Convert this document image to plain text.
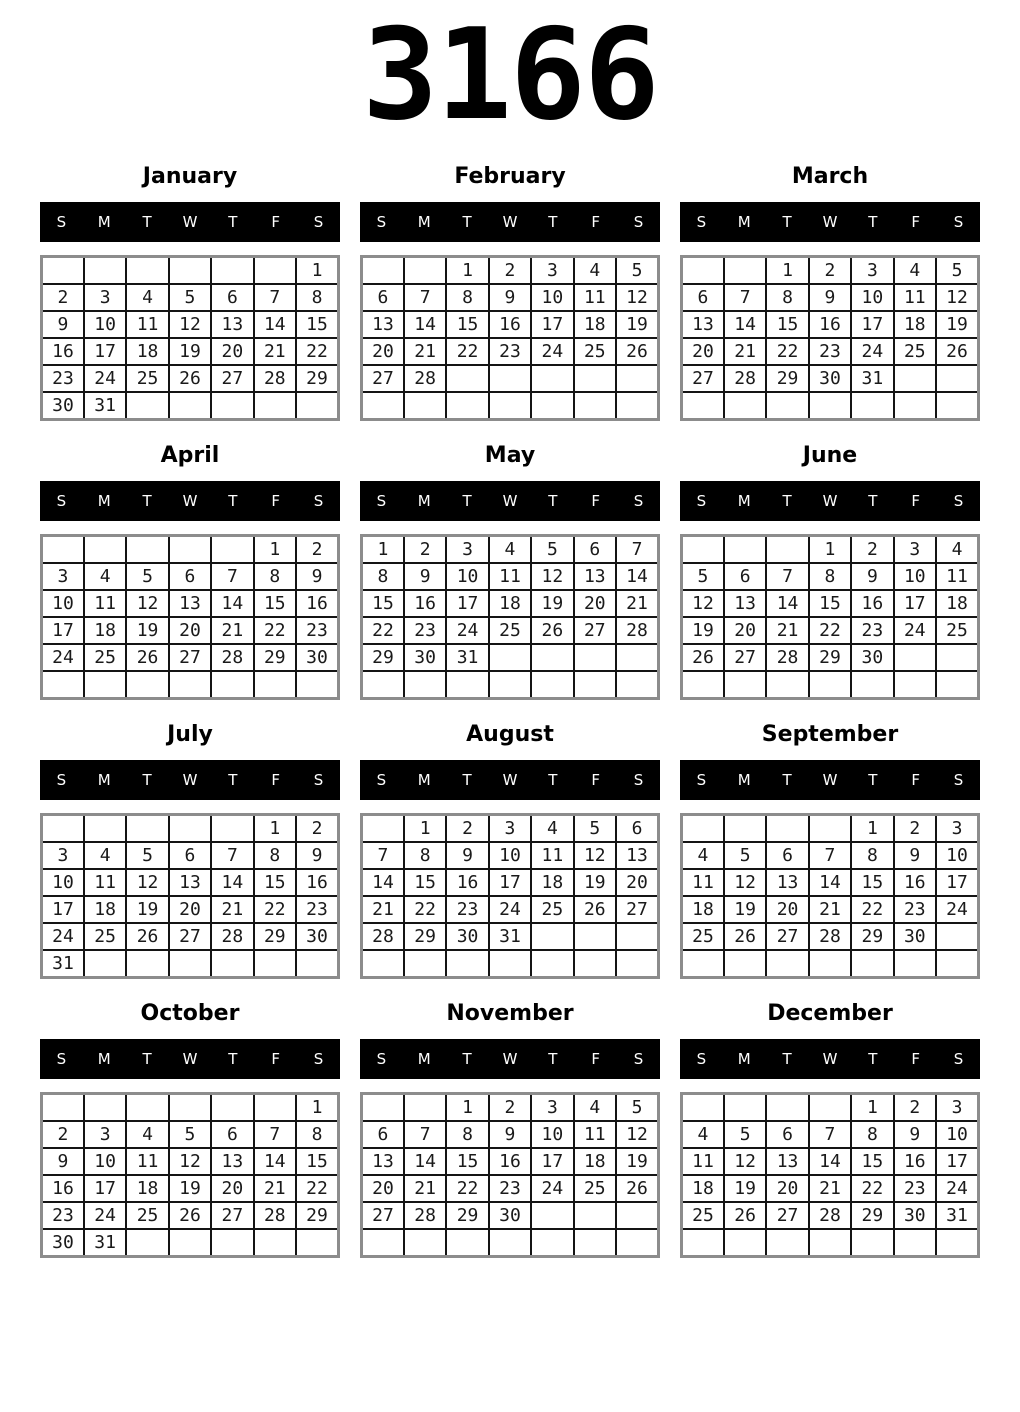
3166
January
S	M	T	W	T	F	S
						1
2	3	4	5	6	7	8
9	10	11	12	13	14	15
16	17	18	19	20	21	22
23	24	25	26	27	28	29
30	31					
February
S	M	T	W	T	F	S
		1	2	3	4	5
6	7	8	9	10	11	12
13	14	15	16	17	18	19
20	21	22	23	24	25	26
27	28					

March
S	M	T	W	T	F	S
		1	2	3	4	5
6	7	8	9	10	11	12
13	14	15	16	17	18	19
20	21	22	23	24	25	26
27	28	29	30	31		

April
S	M	T	W	T	F	S
					1	2
3	4	5	6	7	8	9
10	11	12	13	14	15	16
17	18	19	20	21	22	23
24	25	26	27	28	29	30

May
S	M	T	W	T	F	S
1	2	3	4	5	6	7
8	9	10	11	12	13	14
15	16	17	18	19	20	21
22	23	24	25	26	27	28
29	30	31				

June
S	M	T	W	T	F	S
			1	2	3	4
5	6	7	8	9	10	11
12	13	14	15	16	17	18
19	20	21	22	23	24	25
26	27	28	29	30		

July
S	M	T	W	T	F	S
					1	2
3	4	5	6	7	8	9
10	11	12	13	14	15	16
17	18	19	20	21	22	23
24	25	26	27	28	29	30
31						
August
S	M	T	W	T	F	S
	1	2	3	4	5	6
7	8	9	10	11	12	13
14	15	16	17	18	19	20
21	22	23	24	25	26	27
28	29	30	31			

September
S	M	T	W	T	F	S
				1	2	3
4	5	6	7	8	9	10
11	12	13	14	15	16	17
18	19	20	21	22	23	24
25	26	27	28	29	30	

October
S	M	T	W	T	F	S
						1
2	3	4	5	6	7	8
9	10	11	12	13	14	15
16	17	18	19	20	21	22
23	24	25	26	27	28	29
30	31					
November
S	M	T	W	T	F	S
		1	2	3	4	5
6	7	8	9	10	11	12
13	14	15	16	17	18	19
20	21	22	23	24	25	26
27	28	29	30			

December
S	M	T	W	T	F	S
				1	2	3
4	5	6	7	8	9	10
11	12	13	14	15	16	17
18	19	20	21	22	23	24
25	26	27	28	29	30	31
